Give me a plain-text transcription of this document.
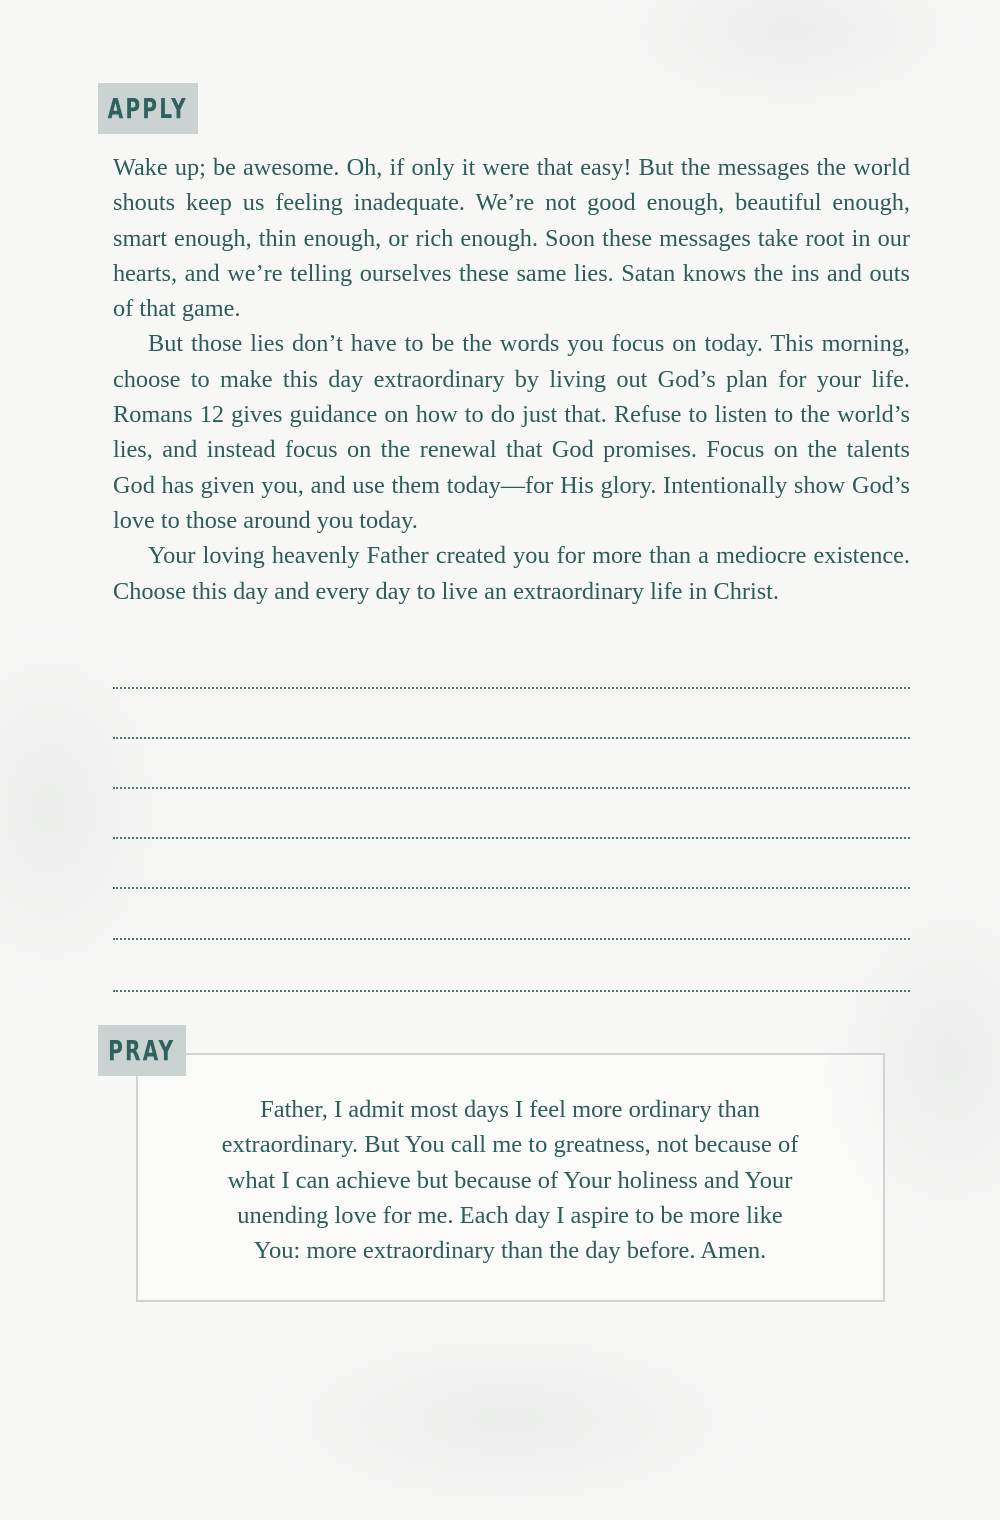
APPLY

Wake up; be awesome. Oh, if only it were that easy! But the messages the world shouts keep us feeling inadequate. We’re not good enough, beautiful enough, smart enough, thin enough, or rich enough. Soon these messages take root in our hearts, and we’re telling ourselves these same lies. Satan knows the ins and outs of that game.

But those lies don’t have to be the words you focus on today. This morning, choose to make this day extraordinary by living out God’s plan for your life. Romans 12 gives guidance on how to do just that. Refuse to listen to the world’s lies, and instead focus on the renewal that God promises. Focus on the talents God has given you, and use them today—for His glory. Intentionally show God’s love to those around you today.

Your loving heavenly Father created you for more than a mediocre existence. Choose this day and every day to live an extraordinary life in Christ.

PRAY
Father, I admit most days I feel more ordinary than
extraordinary. But You call me to greatness, not because of
what I can achieve but because of Your holiness and Your
unending love for me. Each day I aspire to be more like
You: more extraordinary than the day before. Amen.
